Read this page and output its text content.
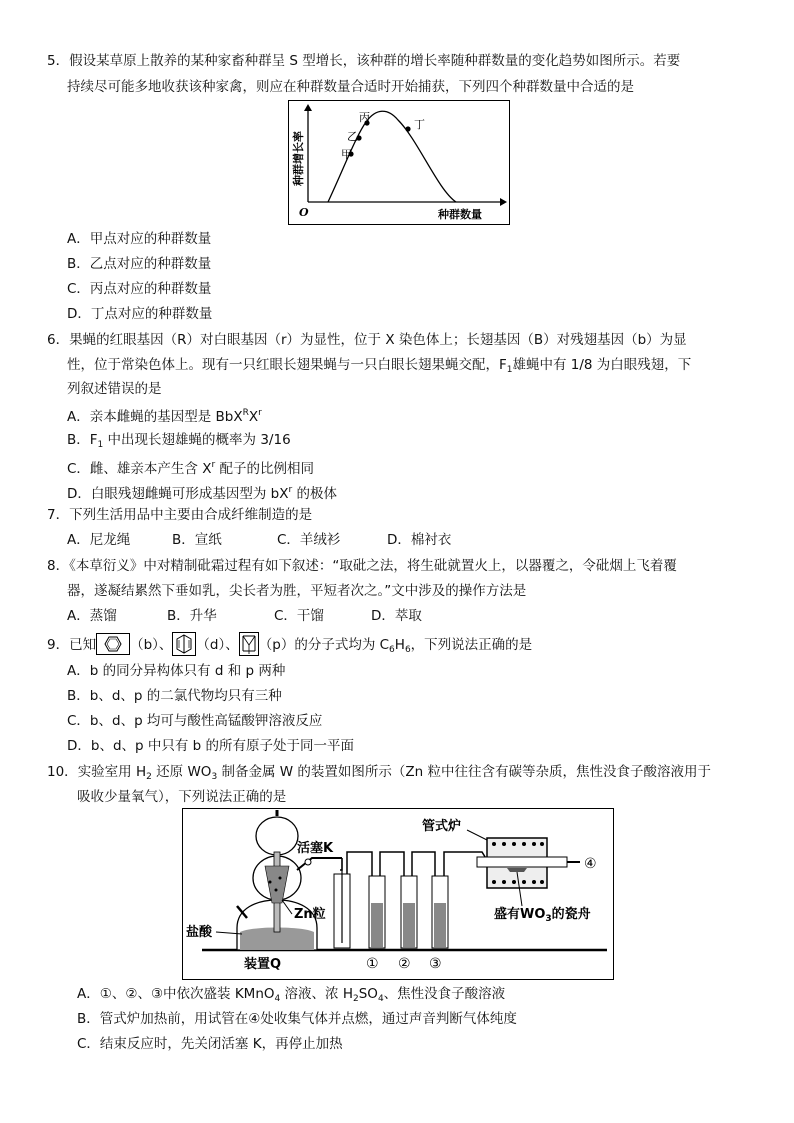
5．假设某草原上散养的某种家畜种群呈 S 型增长，该种群的增长率随种群数量的变化趋势如图所示。若要
持续尽可能多地收获该种家禽，则应在种群数量合适时开始捕获，下列四个种群数量中合适的是
甲
乙
丙
丁
O	种群数量
种群增长率
A．甲点对应的种群数量
B．乙点对应的种群数量
C．丙点对应的种群数量
D．丁点对应的种群数量
6．果蝇的红眼基因（R）对白眼基因（r）为显性，位于 X 染色体上；长翅基因（B）对残翅基因（b）为显
性，位于常染色体上。现有一只红眼长翅果蝇与一只白眼长翅果蝇交配，$F_1$雄蝇中有 1/8 为白眼残翅，下
列叙述错误的是
A．亲本雌蝇的基因型是 $BbX^RX^r$
B．$F_1$ 中出现长翅雄蝇的概率为 3/16
C．雌、雄亲本产生含 $X^r$ 配子的比例相同
D．白眼残翅雌蝇可形成基因型为 $bX^r$ 的极体
7．下列生活用品中主要由合成纤维制造的是
A．尼龙绳	B．宣纸	C．羊绒衫	D．棉衬衣
8．《本草衍义》中对精制砒霜过程有如下叙述：“取砒之法，将生砒就置火上，以器覆之，令砒烟上飞着覆
器，遂凝结累然下垂如乳，尖长者为胜，平短者次之。”文中涉及的操作方法是
A．蒸馏	B．升华	C．干馏	D．萃取
9．已知	（b）、 （d）、 （p）的分子式均为 $C_6H_6$，下列说法正确的是
A．b 的同分异构体只有 d 和 p 两种
B．b、d、p 的二氯代物均只有三种
C．b、d、p 均可与酸性高锰酸钾溶液反应
D．b、d、p 中只有 b 的所有原子处于同一平面
10．实验室用 $H_2$ 还原 $WO_3$ 制备金属 W 的装置如图所示（Zn 粒中往往含有碳等杂质，焦性没食子酸溶液用于
吸收少量氧气），下列说法正确的是
管式炉
活塞K
Zn粒
盐酸
盛有$WO_3$的瓷舟
装置Q	① ② ③
④
A．①、②、③中依次盛装 KMnO$_4$ 溶液、浓 $H_2SO_4$、焦性没食子酸溶液
B．管式炉加热前，用试管在④处收集气体并点燃，通过声音判断气体纯度
C．结束反应时，先关闭活塞 K，再停止加热
